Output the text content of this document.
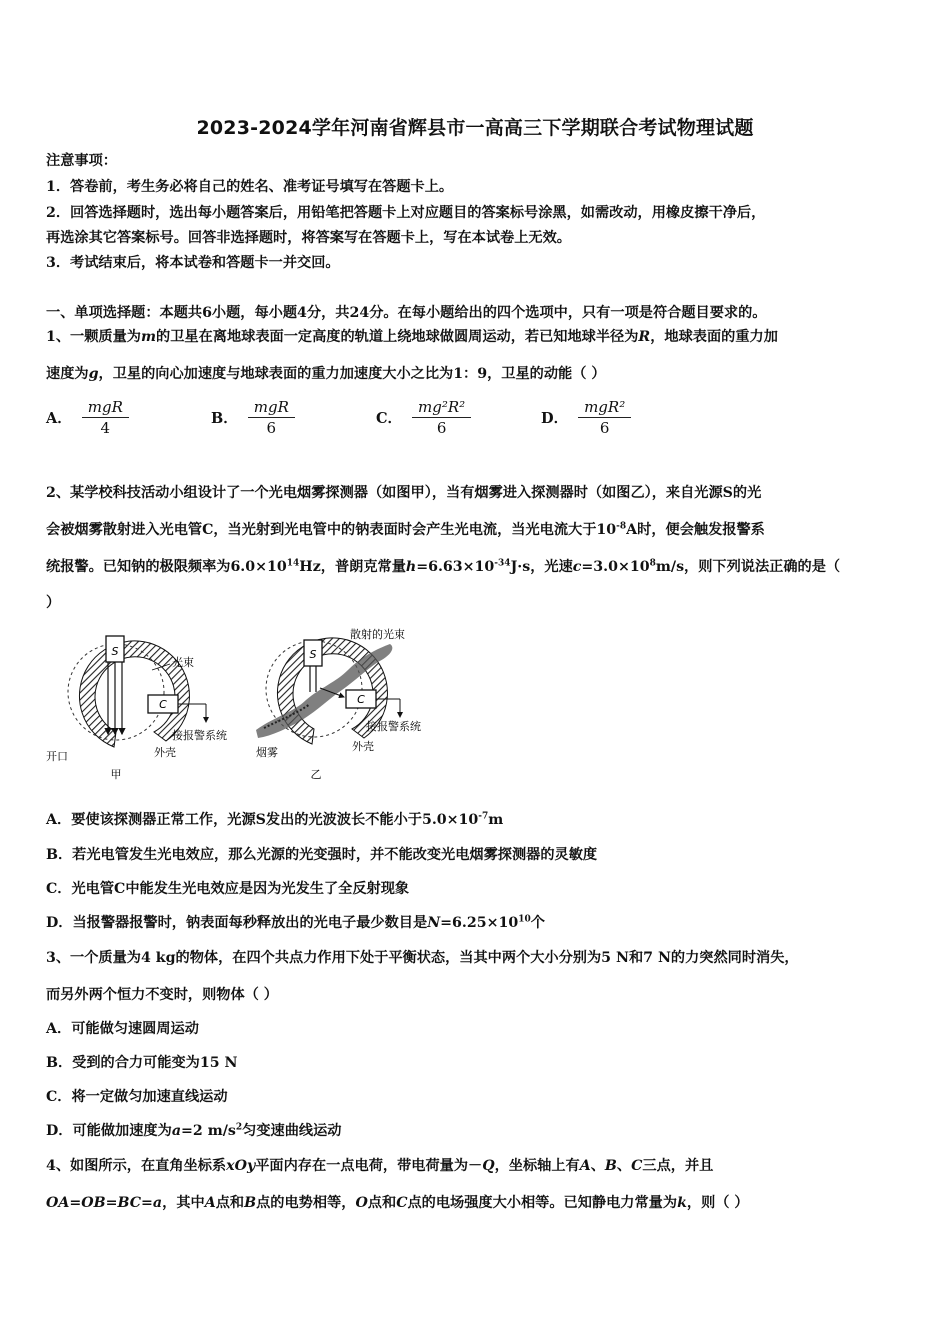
2023-2024学年河南省辉县市一高高三下学期联合考试物理试题
注意事项：
1．答卷前，考生务必将自己的姓名、准考证号填写在答题卡上。
2．回答选择题时，选出每小题答案后，用铅笔把答题卡上对应题目的答案标号涂黑，如需改动，用橡皮擦干净后，
再选涂其它答案标号。回答非选择题时，将答案写在答题卡上，写在本试卷上无效。
3．考试结束后，将本试卷和答题卡一并交回。
一、单项选择题：本题共6小题，每小题4分，共24分。在每小题给出的四个选项中，只有一项是符合题目要求的。
1、一颗质量为m的卫星在离地球表面一定高度的轨道上绕地球做圆周运动，若已知地球半径为R，地球表面的重力加
速度为g，卫星的向心加速度与地球表面的重力加速度大小之比为1：9，卫星的动能（ ）
A． $\frac{\text{mgR}}{4}$	B． $\frac{\text{mgR}}{6}$	C． $\frac{\text{mg²R²}}{6}$	D． $\frac{\text{mgR²}}{6}$
2、某学校科技活动小组设计了一个光电烟雾探测器（如图甲），当有烟雾进入探测器时（如图乙），来自光源S的光
会被烟雾散射进入光电管C，当光射到光电管中的钠表面时会产生光电流，当光电流大于$10^{-8}A$时，便会触发报警系
统报警。已知钠的极限频率为$6.0\times 10^{14}Hz$，普朗克常量$h=6.63\times 10^{-34}J\cdot s$，光速$c=3.0\times 10^8m/s$，则下列说法正确的是（
）
S
C
光束
接报警系统
外壳
开口
甲
S
C
散射的光束
接报警系统
外壳
烟雾
乙
A．要使该探测器正常工作，光源S发出的光波波长不能小于$5.0\times 10^{-7}m$
B．若光电管发生光电效应，那么光源的光变强时，并不能改变光电烟雾探测器的灵敏度
C．光电管C中能发生光电效应是因为光发生了全反射现象
D．当报警器报警时，钠表面每秒释放出的光电子最少数目是$N=6.25\times 10^{10}$个
3、一个质量为4 kg的物体，在四个共点力作用下处于平衡状态，当其中两个大小分别为5 N和7 N的力突然同时消失，
而另外两个恒力不变时，则物体（ ）
A．可能做匀速圆周运动
B．受到的合力可能变为15 N
C．将一定做匀加速直线运动
D．可能做加速度为a=2 $m/s^2$匀变速曲线运动
4、如图所示，在直角坐标系xOy平面内存在一点电荷，带电荷量为－Q，坐标轴上有A、B、C三点，并且
OA=OB=BC=a，其中A点和B点的电势相等，O点和C点的电场强度大小相等。已知静电力常量为k，则（ ）
